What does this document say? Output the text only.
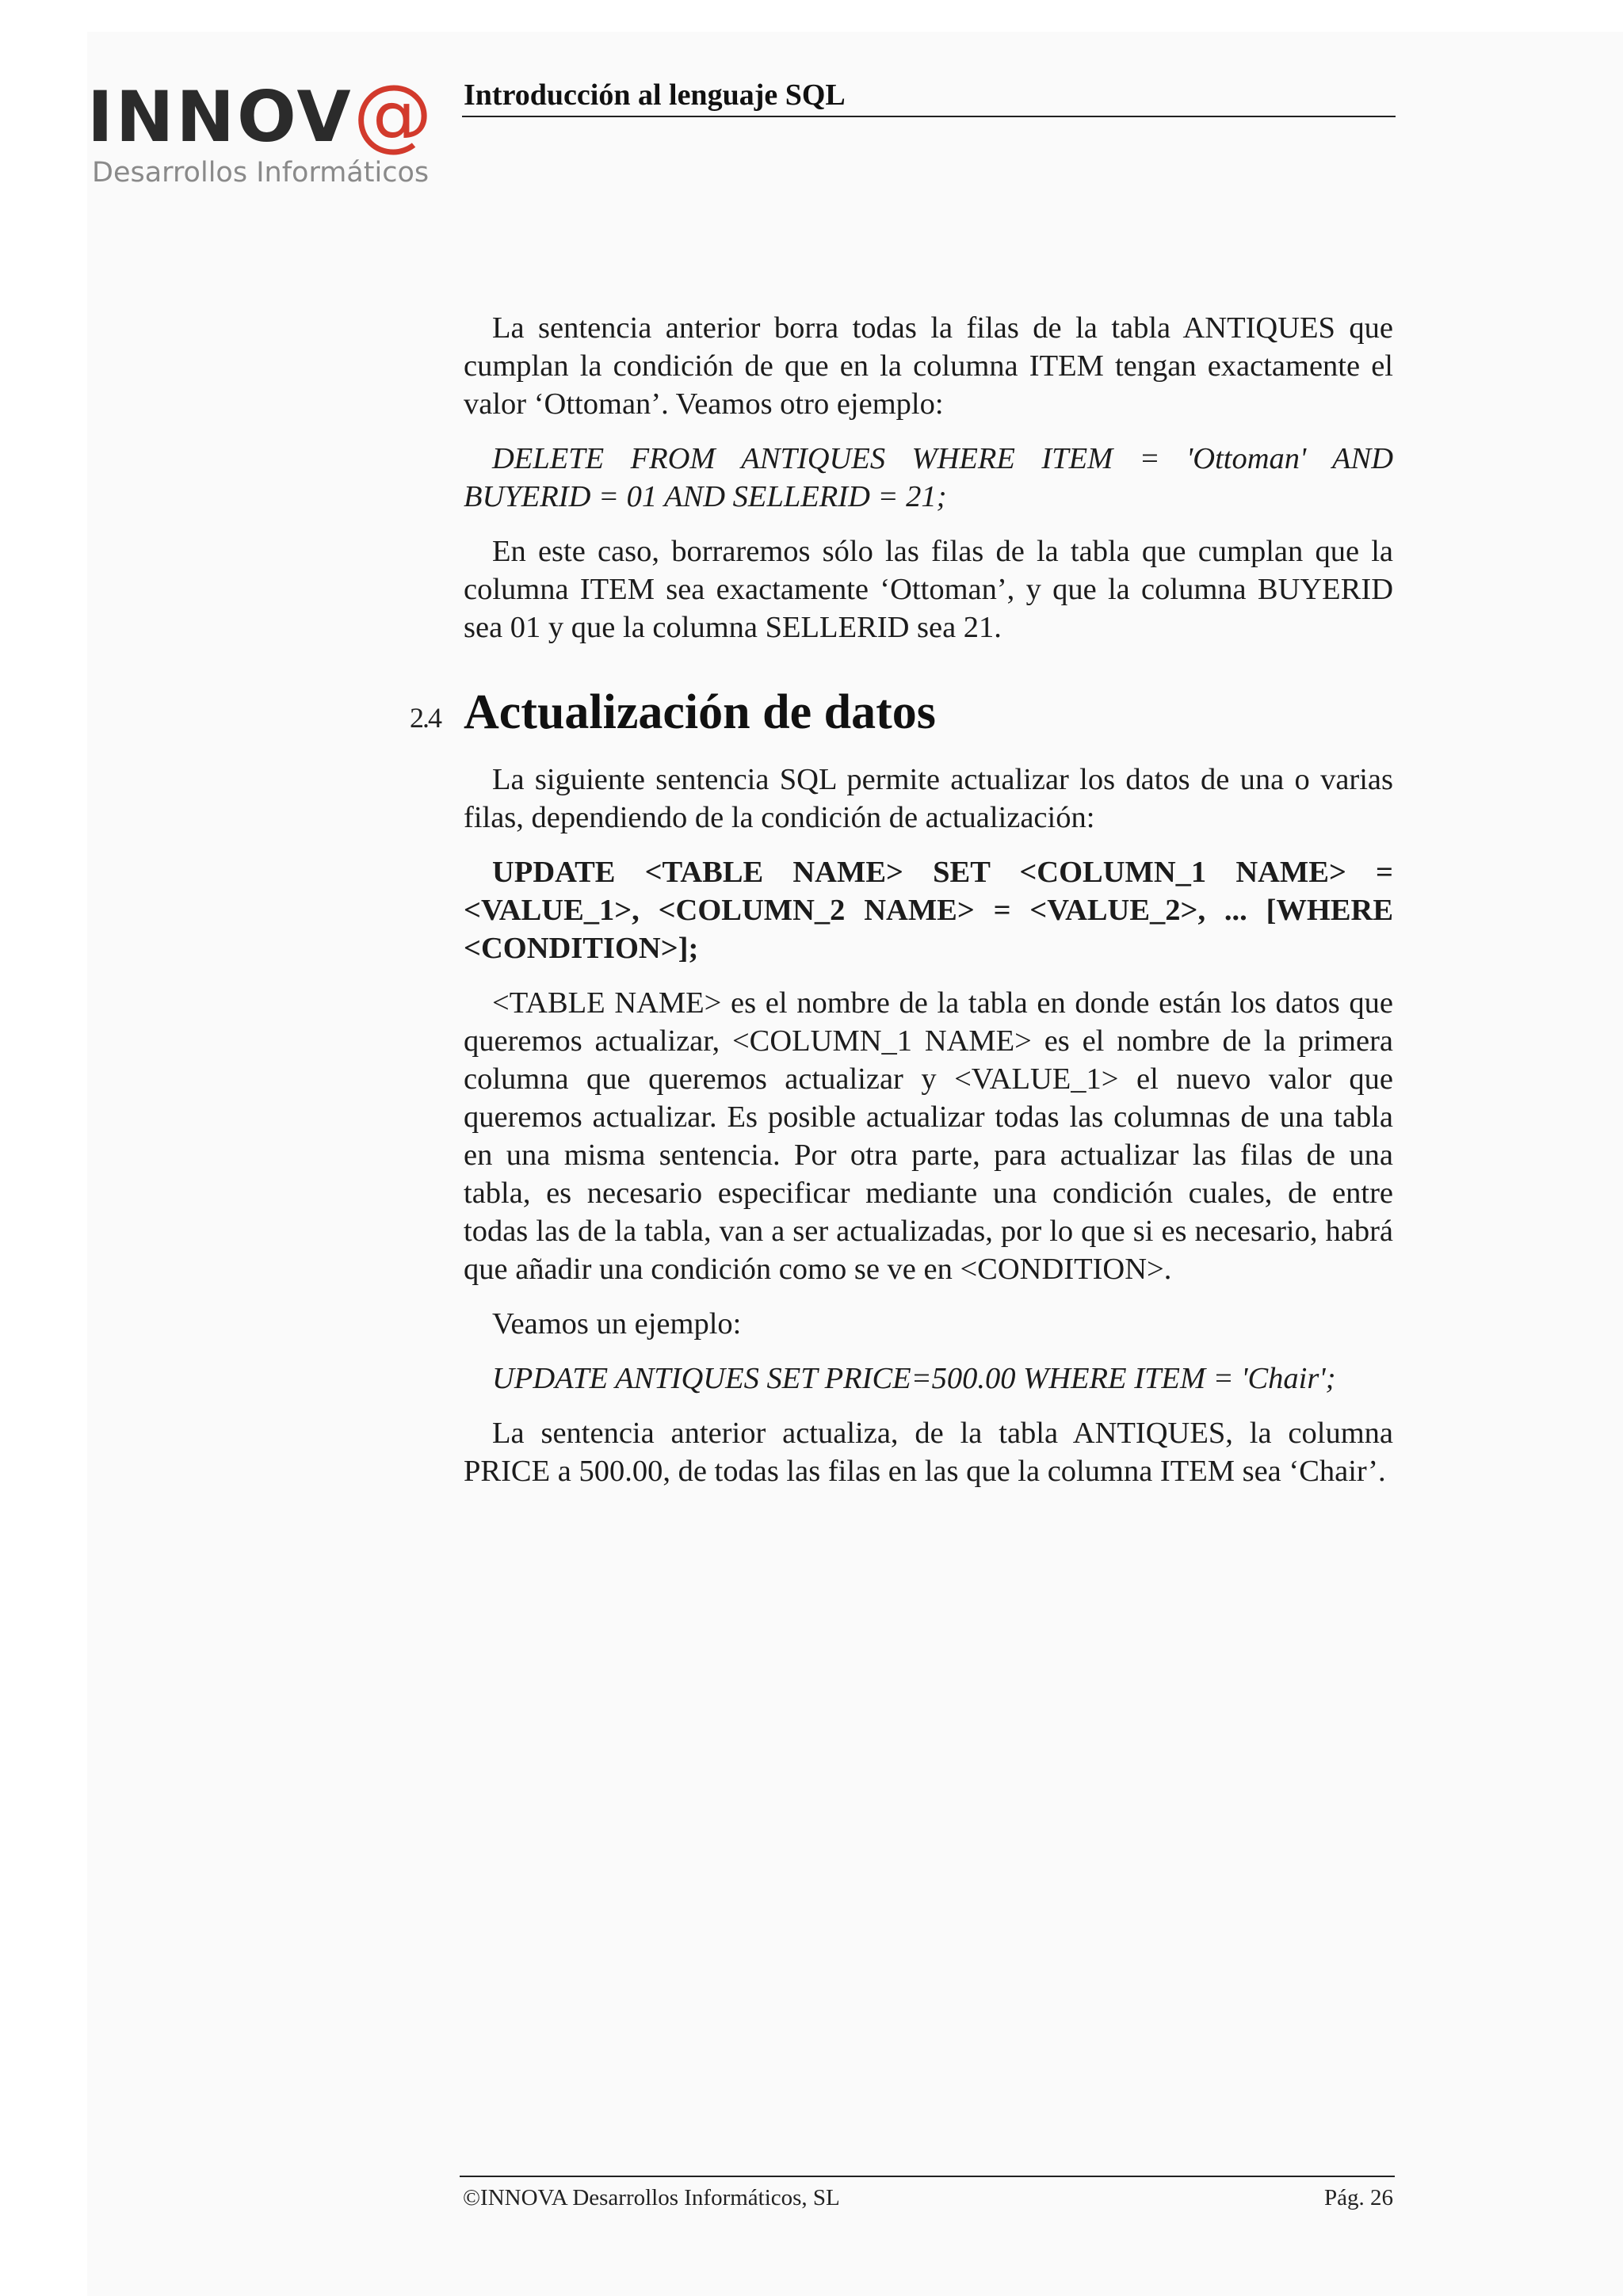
INNOV@
Desarrollos Informáticos
Introducción al lenguaje SQL

La sentencia anterior borra todas la filas de la tabla ANTIQUES que cumplan la condición de que en la columna ITEM tengan exactamente el valor ‘Ottoman’. Veamos otro ejemplo:

DELETE FROM ANTIQUES WHERE ITEM = 'Ottoman' AND BUYERID = 01 AND SELLERID = 21;

En este caso, borraremos sólo las filas de la tabla que cumplan que la columna ITEM sea exactamente ‘Ottoman’, y que la columna BUYERID sea 01 y que la columna SELLERID sea 21.

2.4 Actualización de datos

La siguiente sentencia SQL permite actualizar los datos de una o varias filas, dependiendo de la condición de actualización:

UPDATE <TABLE NAME> SET <COLUMN_1 NAME> = <VALUE_1>, <COLUMN_2 NAME> = <VALUE_2>, ... [WHERE <CONDITION>];

<TABLE NAME> es el nombre de la tabla en donde están los datos que queremos actualizar, <COLUMN_1 NAME> es el nombre de la primera columna que queremos actualizar y <VALUE_1> el nuevo valor que queremos actualizar. Es posible actualizar todas las columnas de una tabla en una misma sentencia. Por otra parte, para actualizar las filas de una tabla, es necesario especificar mediante una condición cuales, de entre todas las de la tabla, van a ser actualizadas, por lo que si es necesario, habrá que añadir una condición como se ve en <CONDITION>.

Veamos un ejemplo:

UPDATE ANTIQUES SET PRICE=500.00 WHERE ITEM = 'Chair';

La sentencia anterior actualiza, de la tabla ANTIQUES, la columna PRICE a 500.00, de todas las filas en las que la columna ITEM sea ‘Chair’.

©INNOVA Desarrollos Informáticos, SL	Pág. 26
